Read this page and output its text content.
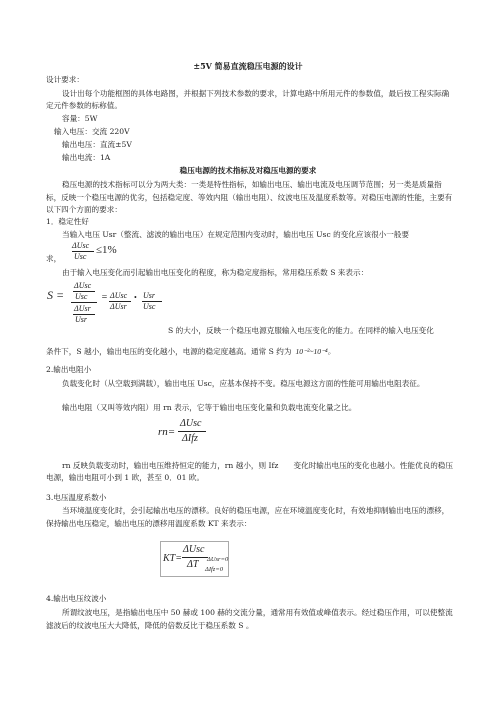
±5V 简易直流稳压电源的设计
设计要求：
设计出每个功能框图的具体电路图，并根据下列技术参数的要求，计算电路中所用元件的参数值，最后按工程实际确定元件参数的标称值。
容量：5W
输入电压：交流 220V
输出电压：直流±5V
输出电流：1A
稳压电源的技术指标及对稳压电源的要求
稳压电源的技术指标可以分为两大类：一类是特性指标，如输出电压、输出电流及电压调节范围；另一类是质量指标，反映一个稳压电源的优劣，包括稳定度、等效内阻（输出电阻）、纹波电压及温度系数等。对稳压电源的性能，主要有以下四个方面的要求：
1．稳定性好
当输入电压 Usr（整流、滤波的输出电压）在规定范围内变动时，输出电压 Usc 的变化应该很小一般要
求，
ΔUsc
Usc
≤1%
由于输入电压变化而引起输出电压变化的程度，称为稳定度指标，常用稳压系数 S 来表示：
S =
ΔUsc
Usc
ΔUsr
Usr
= ΔUsc
ΔUsr
• Usr
Usc
S 的大小，反映一个稳压电源克服输入电压变化的能力。在同样的输入电压变化
条件下，S 越小，输出电压的变化越小，电源的稳定度越高。通常 S 约为 10⁻²~10⁻⁴。
2.输出电阻小
负载变化时（从空载到满载），输出电压 Usc，应基本保持不变。稳压电源这方面的性能可用输出电阻表征。
输出电阻（又叫等效内阻）用 rn 表示，它等于输出电压变化量和负载电流变化量之比。
rn=
ΔUsc
ΔIfz
rn 反映负载变动时，输出电压维持恒定的能力，rn 越小，则 Ifz　　变化时输出电压的变化也越小。性能优良的稳压电源，输出电阻可小到 1 欧，甚至 0．01 欧。
3.电压温度系数小
当环境温度变化时，会引起输出电压的漂移。良好的稳压电源，应在环境温度变化时，有效地抑制输出电压的漂移，保持输出电压稳定，输出电压的漂移用温度系数 KT 来表示：
KT=
ΔUsc
ΔT ΔUsr=0
ΔIfz=0
4.输出电压纹波小
所谓纹波电压，是指输出电压中 50 赫或 100 赫的交流分量，通常用有效值或峰值表示。经过稳压作用，可以使整流滤波后的纹波电压大大降低，降低的倍数反比于稳压系数 S 。
